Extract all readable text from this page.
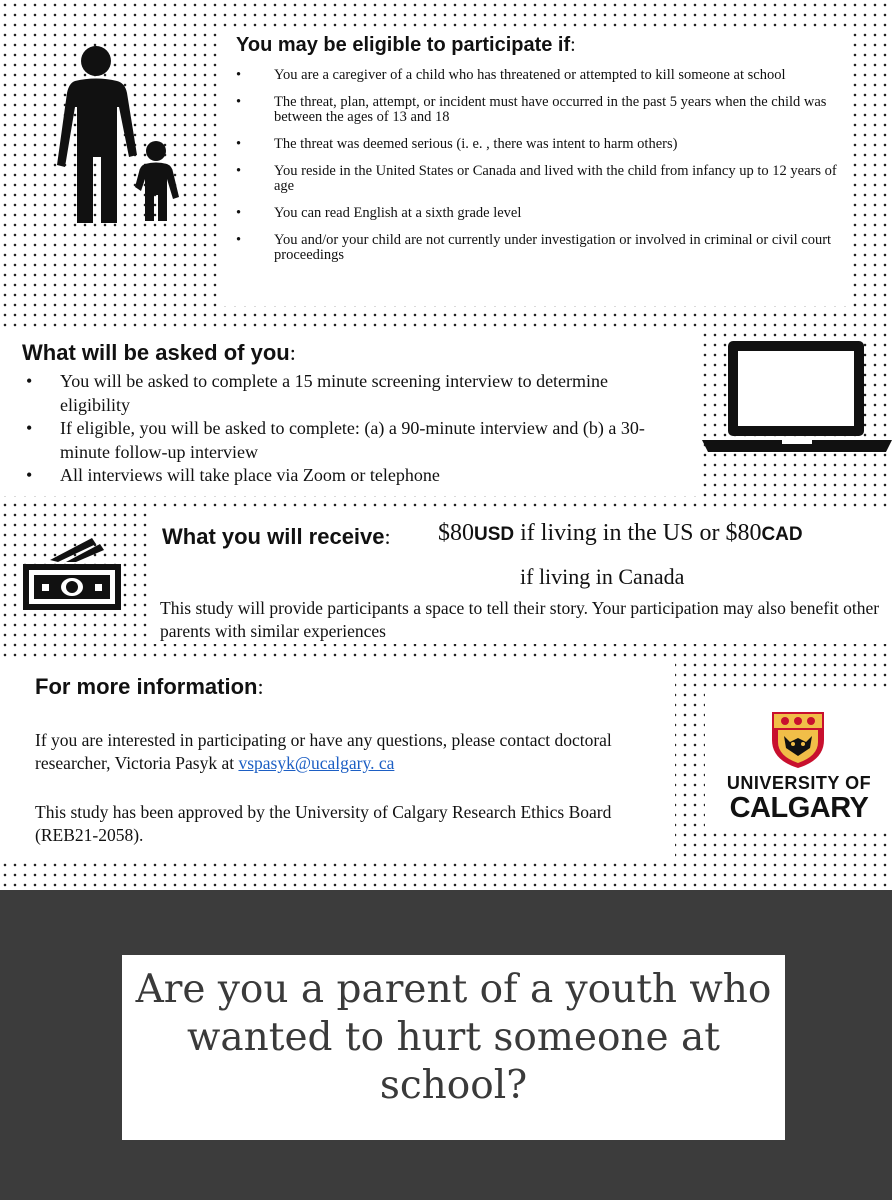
You may be eligible to participate if:
• You are a caregiver of a child who has threatened or attempted to kill someone at school
• The threat, plan, attempt, or incident must have occurred in the past 5 years when the child was between the ages of 13 and 18
• The threat was deemed serious (i. e. , there was intent to harm others)
• You reside in the United States or Canada and lived with the child from infancy up to 12 years of age
• You can read English at a sixth grade level
• You and/or your child are not currently under investigation or involved in criminal or civil court proceedings
What will be asked of you:
• You will be asked to complete a 15 minute screening interview to determine eligibility
• If eligible, you will be asked to complete: (a) a 90-minute interview and (b) a 30-minute follow-up interview
• All interviews will take place via Zoom or telephone
What you will receive: $80USD if living in the US or $80CAD
if living in Canada
This study will provide participants a space to tell their story. Your participation may also benefit other parents with similar experiences
For more information:
If you are interested in participating or have any questions, please contact doctoral researcher, Victoria Pasyk at vspasyk@ucalgary. ca
This study has been approved by the University of Calgary Research Ethics Board (REB21-2058).
UNIVERSITY OF
CALGARY
Are you a parent of a youth who wanted to hurt someone at school?
